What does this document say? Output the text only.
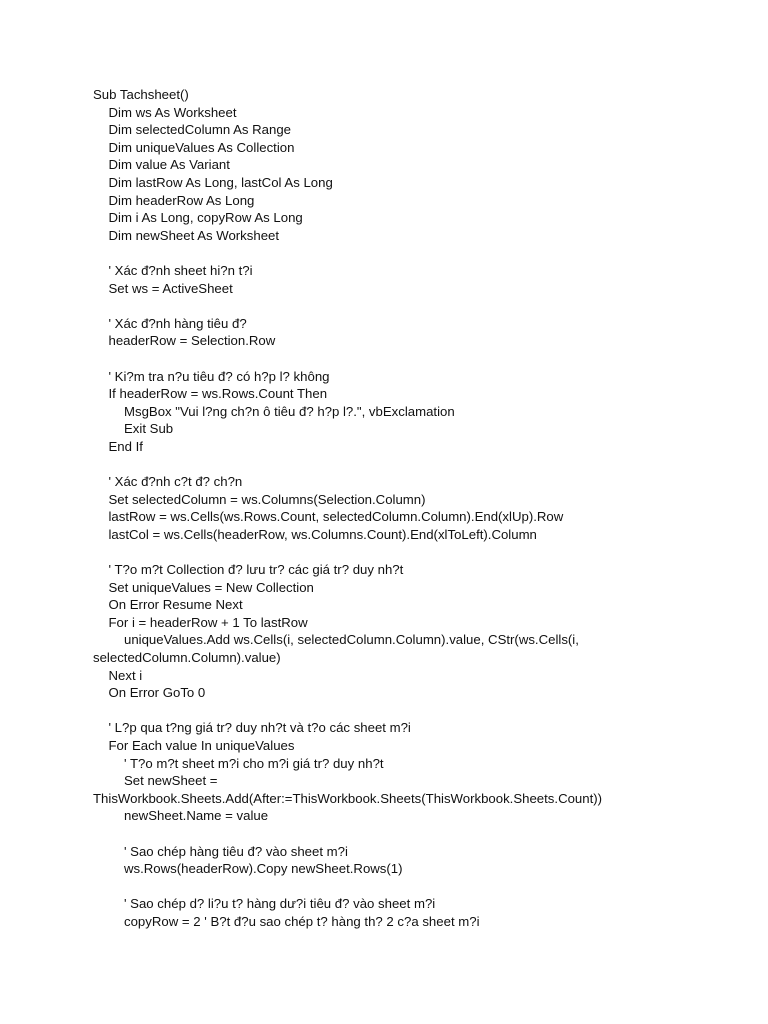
Sub Tachsheet()
Dim ws As Worksheet
Dim selectedColumn As Range
Dim uniqueValues As Collection
Dim value As Variant
Dim lastRow As Long, lastCol As Long
Dim headerRow As Long
Dim i As Long, copyRow As Long
Dim newSheet As Worksheet
' Xác đ?nh sheet hi?n t?i
Set ws = ActiveSheet
' Xác đ?nh hàng tiêu đ?
headerRow = Selection.Row
' Ki?m tra n?u tiêu đ? có h?p l? không
If headerRow = ws.Rows.Count Then
MsgBox "Vui l?ng ch?n ô tiêu đ? h?p l?.", vbExclamation
Exit Sub
End If
' Xác đ?nh c?t đ? ch?n
Set selectedColumn = ws.Columns(Selection.Column)
lastRow = ws.Cells(ws.Rows.Count, selectedColumn.Column).End(xlUp).Row
lastCol = ws.Cells(headerRow, ws.Columns.Count).End(xlToLeft).Column
' T?o m?t Collection đ? lưu tr? các giá tr? duy nh?t
Set uniqueValues = New Collection
On Error Resume Next
For i = headerRow + 1 To lastRow
uniqueValues.Add ws.Cells(i, selectedColumn.Column).value, CStr(ws.Cells(i,
selectedColumn.Column).value)
Next i
On Error GoTo 0
' L?p qua t?ng giá tr? duy nh?t và t?o các sheet m?i
For Each value In uniqueValues
' T?o m?t sheet m?i cho m?i giá tr? duy nh?t
Set newSheet =
ThisWorkbook.Sheets.Add(After:=ThisWorkbook.Sheets(ThisWorkbook.Sheets.Count))
newSheet.Name = value
' Sao chép hàng tiêu đ? vào sheet m?i
ws.Rows(headerRow).Copy newSheet.Rows(1)
' Sao chép d? li?u t? hàng dư?i tiêu đ? vào sheet m?i
copyRow = 2 ' B?t đ?u sao chép t? hàng th? 2 c?a sheet m?i
